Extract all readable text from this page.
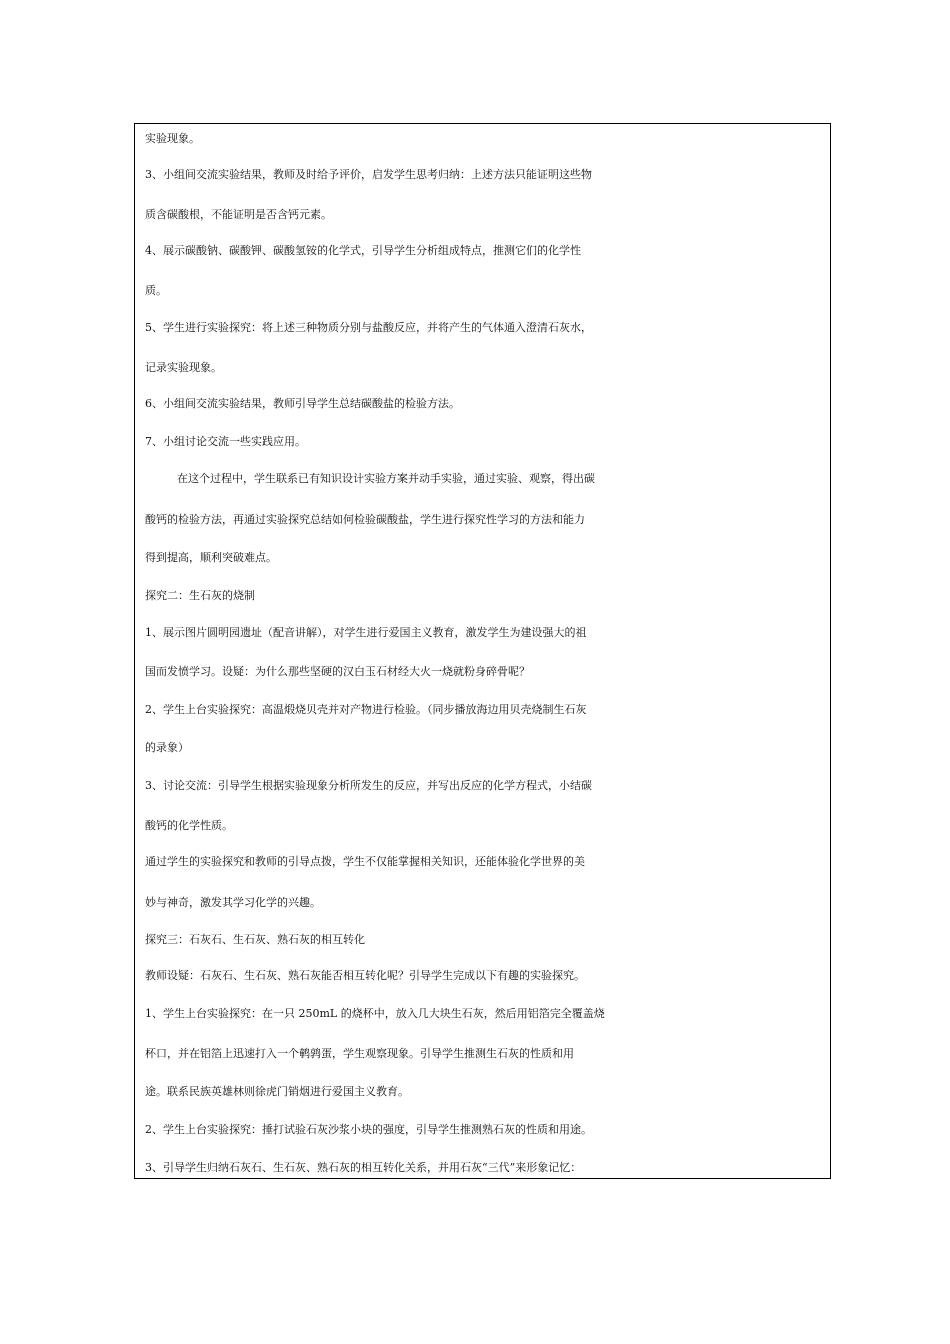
实验现象。
3、小组间交流实验结果，教师及时给予评价，启发学生思考归纳：上述方法只能证明这些物
质含碳酸根，不能证明是否含钙元素。
4、展示碳酸钠、碳酸钾、碳酸氢铵的化学式，引导学生分析组成特点，推测它们的化学性
质。
5、学生进行实验探究：将上述三种物质分别与盐酸反应，并将产生的气体通入澄清石灰水，
记录实验现象。
6、小组间交流实验结果，教师引导学生总结碳酸盐的检验方法。
7、小组讨论交流一些实践应用。
在这个过程中，学生联系已有知识设计实验方案并动手实验，通过实验、观察，得出碳
酸钙的检验方法，再通过实验探究总结如何检验碳酸盐，学生进行探究性学习的方法和能力
得到提高，顺利突破难点。
探究二：生石灰的烧制
1、展示图片圆明园遗址（配音讲解），对学生进行爱国主义教育，激发学生为建设强大的祖
国而发愤学习。设疑：为什么那些坚硬的汉白玉石材经大火一烧就粉身碎骨呢？
2、学生上台实验探究：高温煅烧贝壳并对产物进行检验。（同步播放海边用贝壳烧制生石灰
的录象）
3、讨论交流：引导学生根据实验现象分析所发生的反应，并写出反应的化学方程式，小结碳
酸钙的化学性质。
通过学生的实验探究和教师的引导点拨，学生不仅能掌握相关知识，还能体验化学世界的美
妙与神奇，激发其学习化学的兴趣。
探究三：石灰石、生石灰、熟石灰的相互转化
教师设疑：石灰石、生石灰、熟石灰能否相互转化呢？引导学生完成以下有趣的实验探究。
1、学生上台实验探究：在一只 250mL 的烧杯中，放入几大块生石灰，然后用铝箔完全覆盖烧
杯口，并在铝箔上迅速打入一个鹌鹑蛋，学生观察现象。引导学生推测生石灰的性质和用
途。联系民族英雄林则徐虎门销烟进行爱国主义教育。
2、学生上台实验探究：捶打试验石灰沙浆小块的强度，引导学生推测熟石灰的性质和用途。
3、引导学生归纳石灰石、生石灰、熟石灰的相互转化关系，并用石灰“三代”来形象记忆：
